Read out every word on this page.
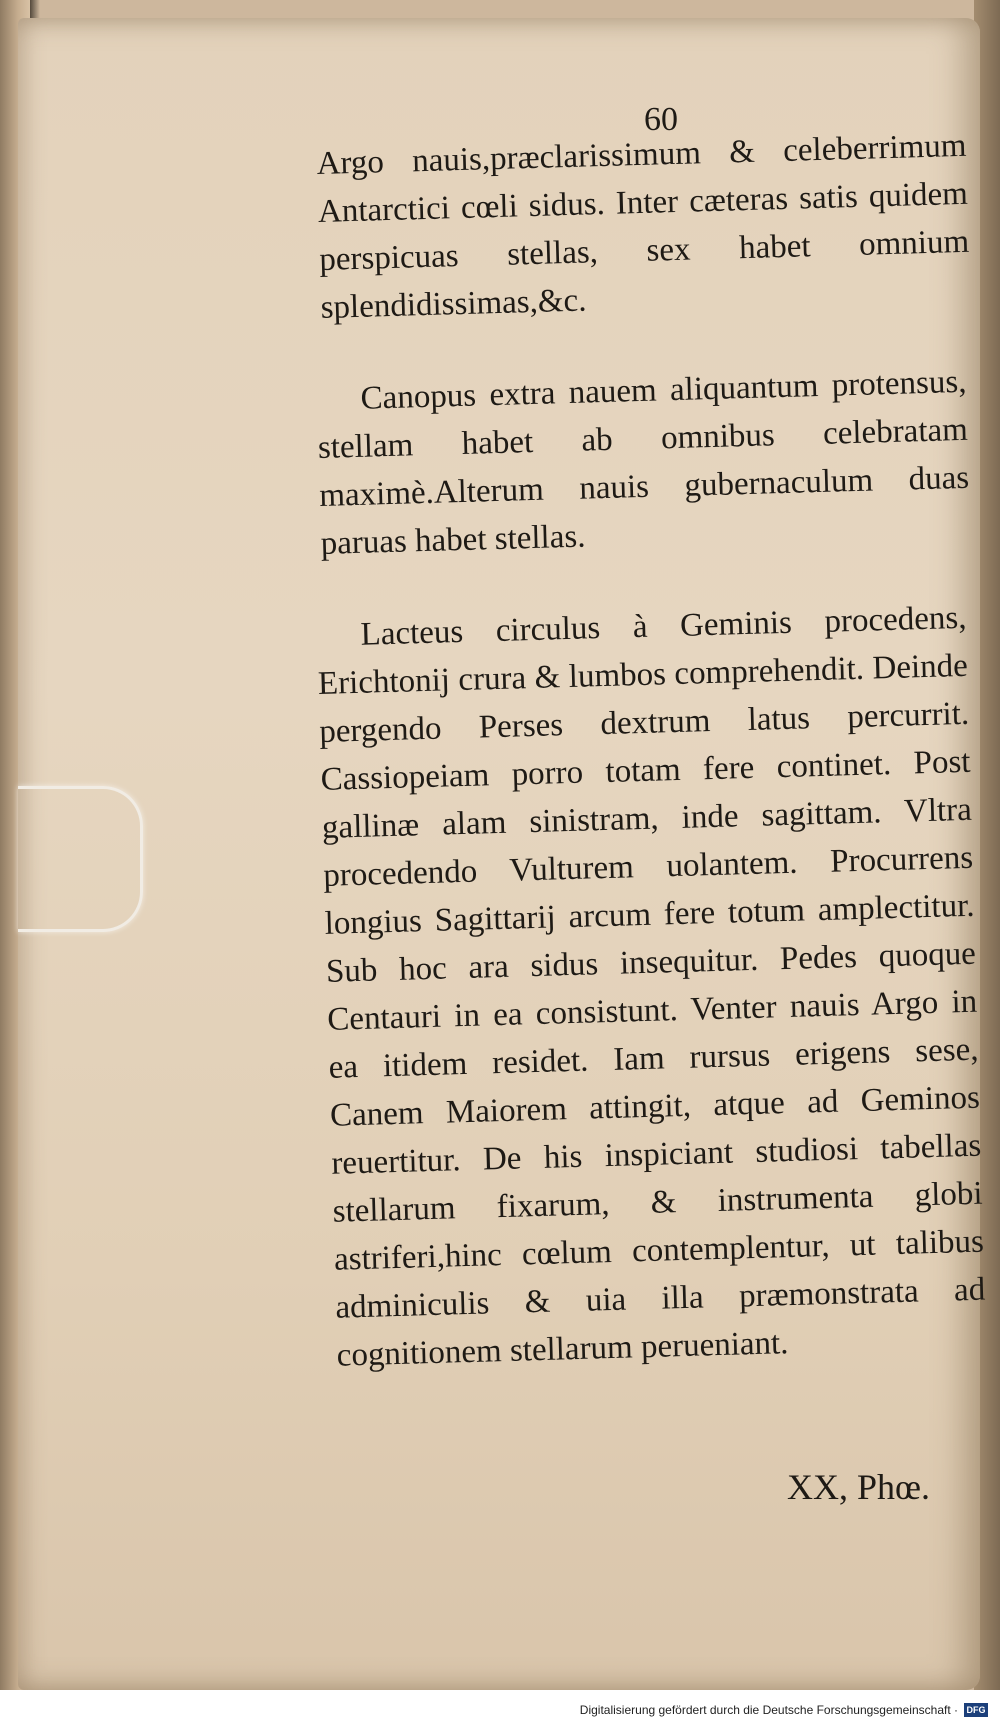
60

Argo nauis,præclarissimum & celeberrimum Antarctici cœli sidus. Inter cæteras satis quidem perspicuas stellas, sex habet omnium splendidissimas,&c.

Canopus extra nauem aliquantum protensus, stellam habet ab omnibus celebratam maximè.Alterum nauis gubernaculum duas paruas habet stellas.

Lacteus circulus à Geminis procedens, Erichtonij crura & lumbos comprehendit. Deinde pergendo Perses dextrum latus percurrit. Cassiopeiam porro totam fere continet. Post gallinæ alam sinistram, inde sagittam. Vltra procedendo Vulturem uolantem. Procurrens longius Sagittarij arcum fere totum amplectitur. Sub hoc ara sidus insequitur. Pedes quoque Centauri in ea consistunt. Venter nauis Argo in ea itidem residet. Iam rursus erigens sese, Canem Maiorem attingit, atque ad Geminos reuertitur. De his inspiciant studiosi tabellas stellarum fixarum, & instrumenta globi astriferi,hinc cœlum contemplentur, ut talibus adminiculis & uia illa præmonstrata ad cognitionem stellarum perueniant.

XX, Phœ.
Digitalisierung gefördert durch die Deutsche Forschungsgemeinschaft · DFG
